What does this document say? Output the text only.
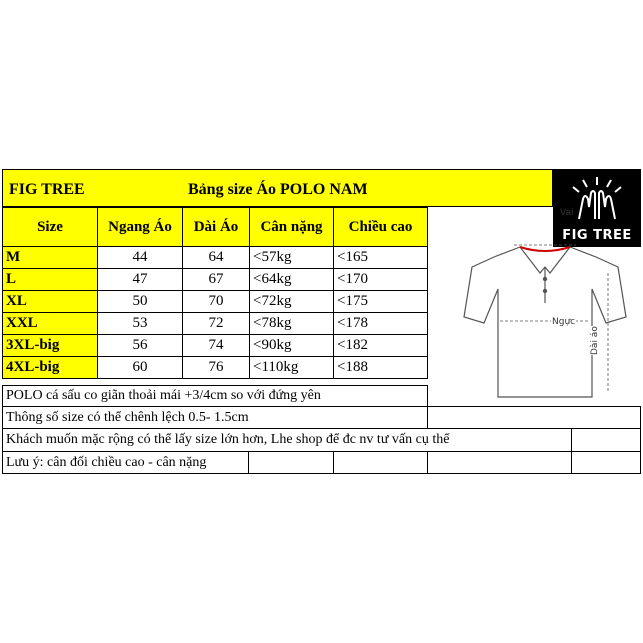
FIG TREE	Bảng size Áo POLO NAM
FIG TREE
Size	Ngang Áo	Dài Áo	Cân nặng	Chiều cao
M	44	64	<57kg	<165
L	47	67	<64kg	<170
XL	50	70	<72kg	<175
XXL	53	72	<78kg	<178
3XL-big	56	74	<90kg	<182
4XL-big	60	76	<110kg	<188
Vai
Ngực
Dài áo
POLO cá sấu co giãn thoải mái +3/4cm so với đứng yên
Thông số size có thể chênh lệch 0.5- 1.5cm
Khách muốn mặc rộng có thể lấy size lớn hơn, Lhe shop để đc nv tư vấn cụ thể
Lưu ý: cân đối chiều cao - cân nặng
